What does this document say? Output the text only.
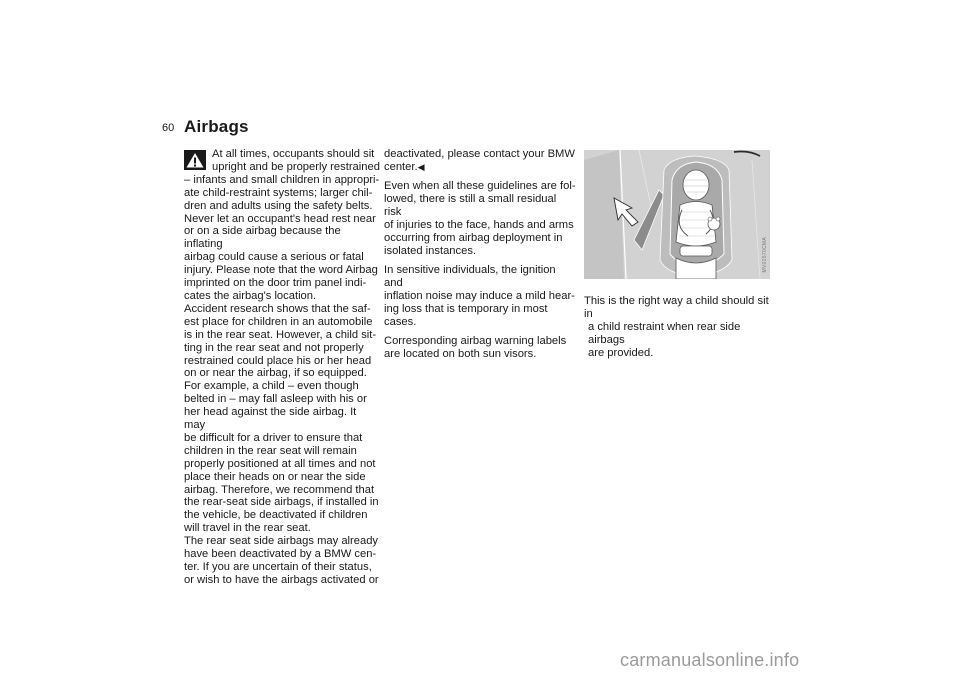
60 Airbags

At all times, occupants should sit
upright and be properly restrained
– infants and small children in appropri-
ate child-restraint systems; larger chil-
dren and adults using the safety belts.
Never let an occupant's head rest near
or on a side airbag because the inflating
airbag could cause a serious or fatal
injury. Please note that the word Airbag
imprinted on the door trim panel indi-
cates the airbag's location.
Accident research shows that the saf-
est place for children in an automobile
is in the rear seat. However, a child sit-
ting in the rear seat and not properly
restrained could place his or her head
on or near the airbag, if so equipped.
For example, a child – even though
belted in – may fall asleep with his or
her head against the side airbag. It may
be difficult for a driver to ensure that
children in the rear seat will remain
properly positioned at all times and not
place their heads on or near the side
airbag. Therefore, we recommend that
the rear-seat side airbags, if installed in
the vehicle, be deactivated if children
will travel in the rear seat.
The rear seat side airbags may already
have been deactivated by a BMW cen-
ter. If you are uncertain of their status,
or wish to have the airbags activated or

deactivated, please contact your BMW
center.◀

Even when all these guidelines are fol-
lowed, there is still a small residual risk
of injuries to the face, hands and arms
occurring from airbag deployment in
isolated instances.

In sensitive individuals, the ignition and
inflation noise may induce a mild hear-
ing loss that is temporary in most
cases.

Corresponding airbag warning labels
are located on both sun visors.

MV01570CMA
This is the right way a child should sit in

a child restraint when rear side airbags
are provided.
carmanualsonline.info
